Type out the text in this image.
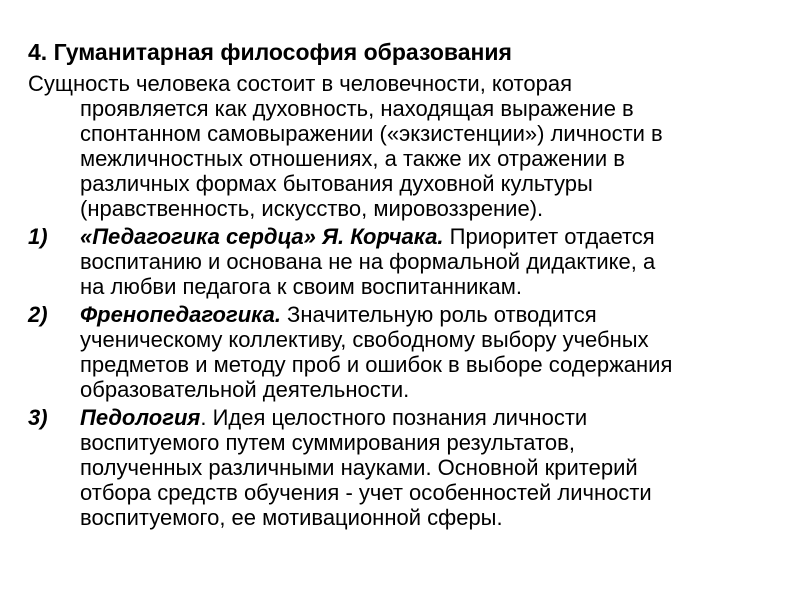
4. Гуманитарная философия образования
Сущность человека состоит в человечности, которая
проявляется как духовность, находящая выражение в
спонтанном самовыражении («экзистенции») личности в
межличностных отношениях, а также их отражении в
различных формах бытования духовной культуры
(нравственность, искусство, мировоззрение).
1) «Педагогика сердца» Я. Корчака. Приоритет отдается
воспитанию и основана не на формальной дидактике, а
на любви педагога к своим воспитанникам.
2) Френопедагогика. Значительную роль отводится
ученическому коллективу, свободному выбору учебных
предметов и методу проб и ошибок в выборе содержания
образовательной деятельности.
3) Педология. Идея целостного познания личности
воспитуемого путем суммирования результатов,
полученных различными науками. Основной критерий
отбора средств обучения - учет особенностей личности
воспитуемого, ее мотивационной сферы.
